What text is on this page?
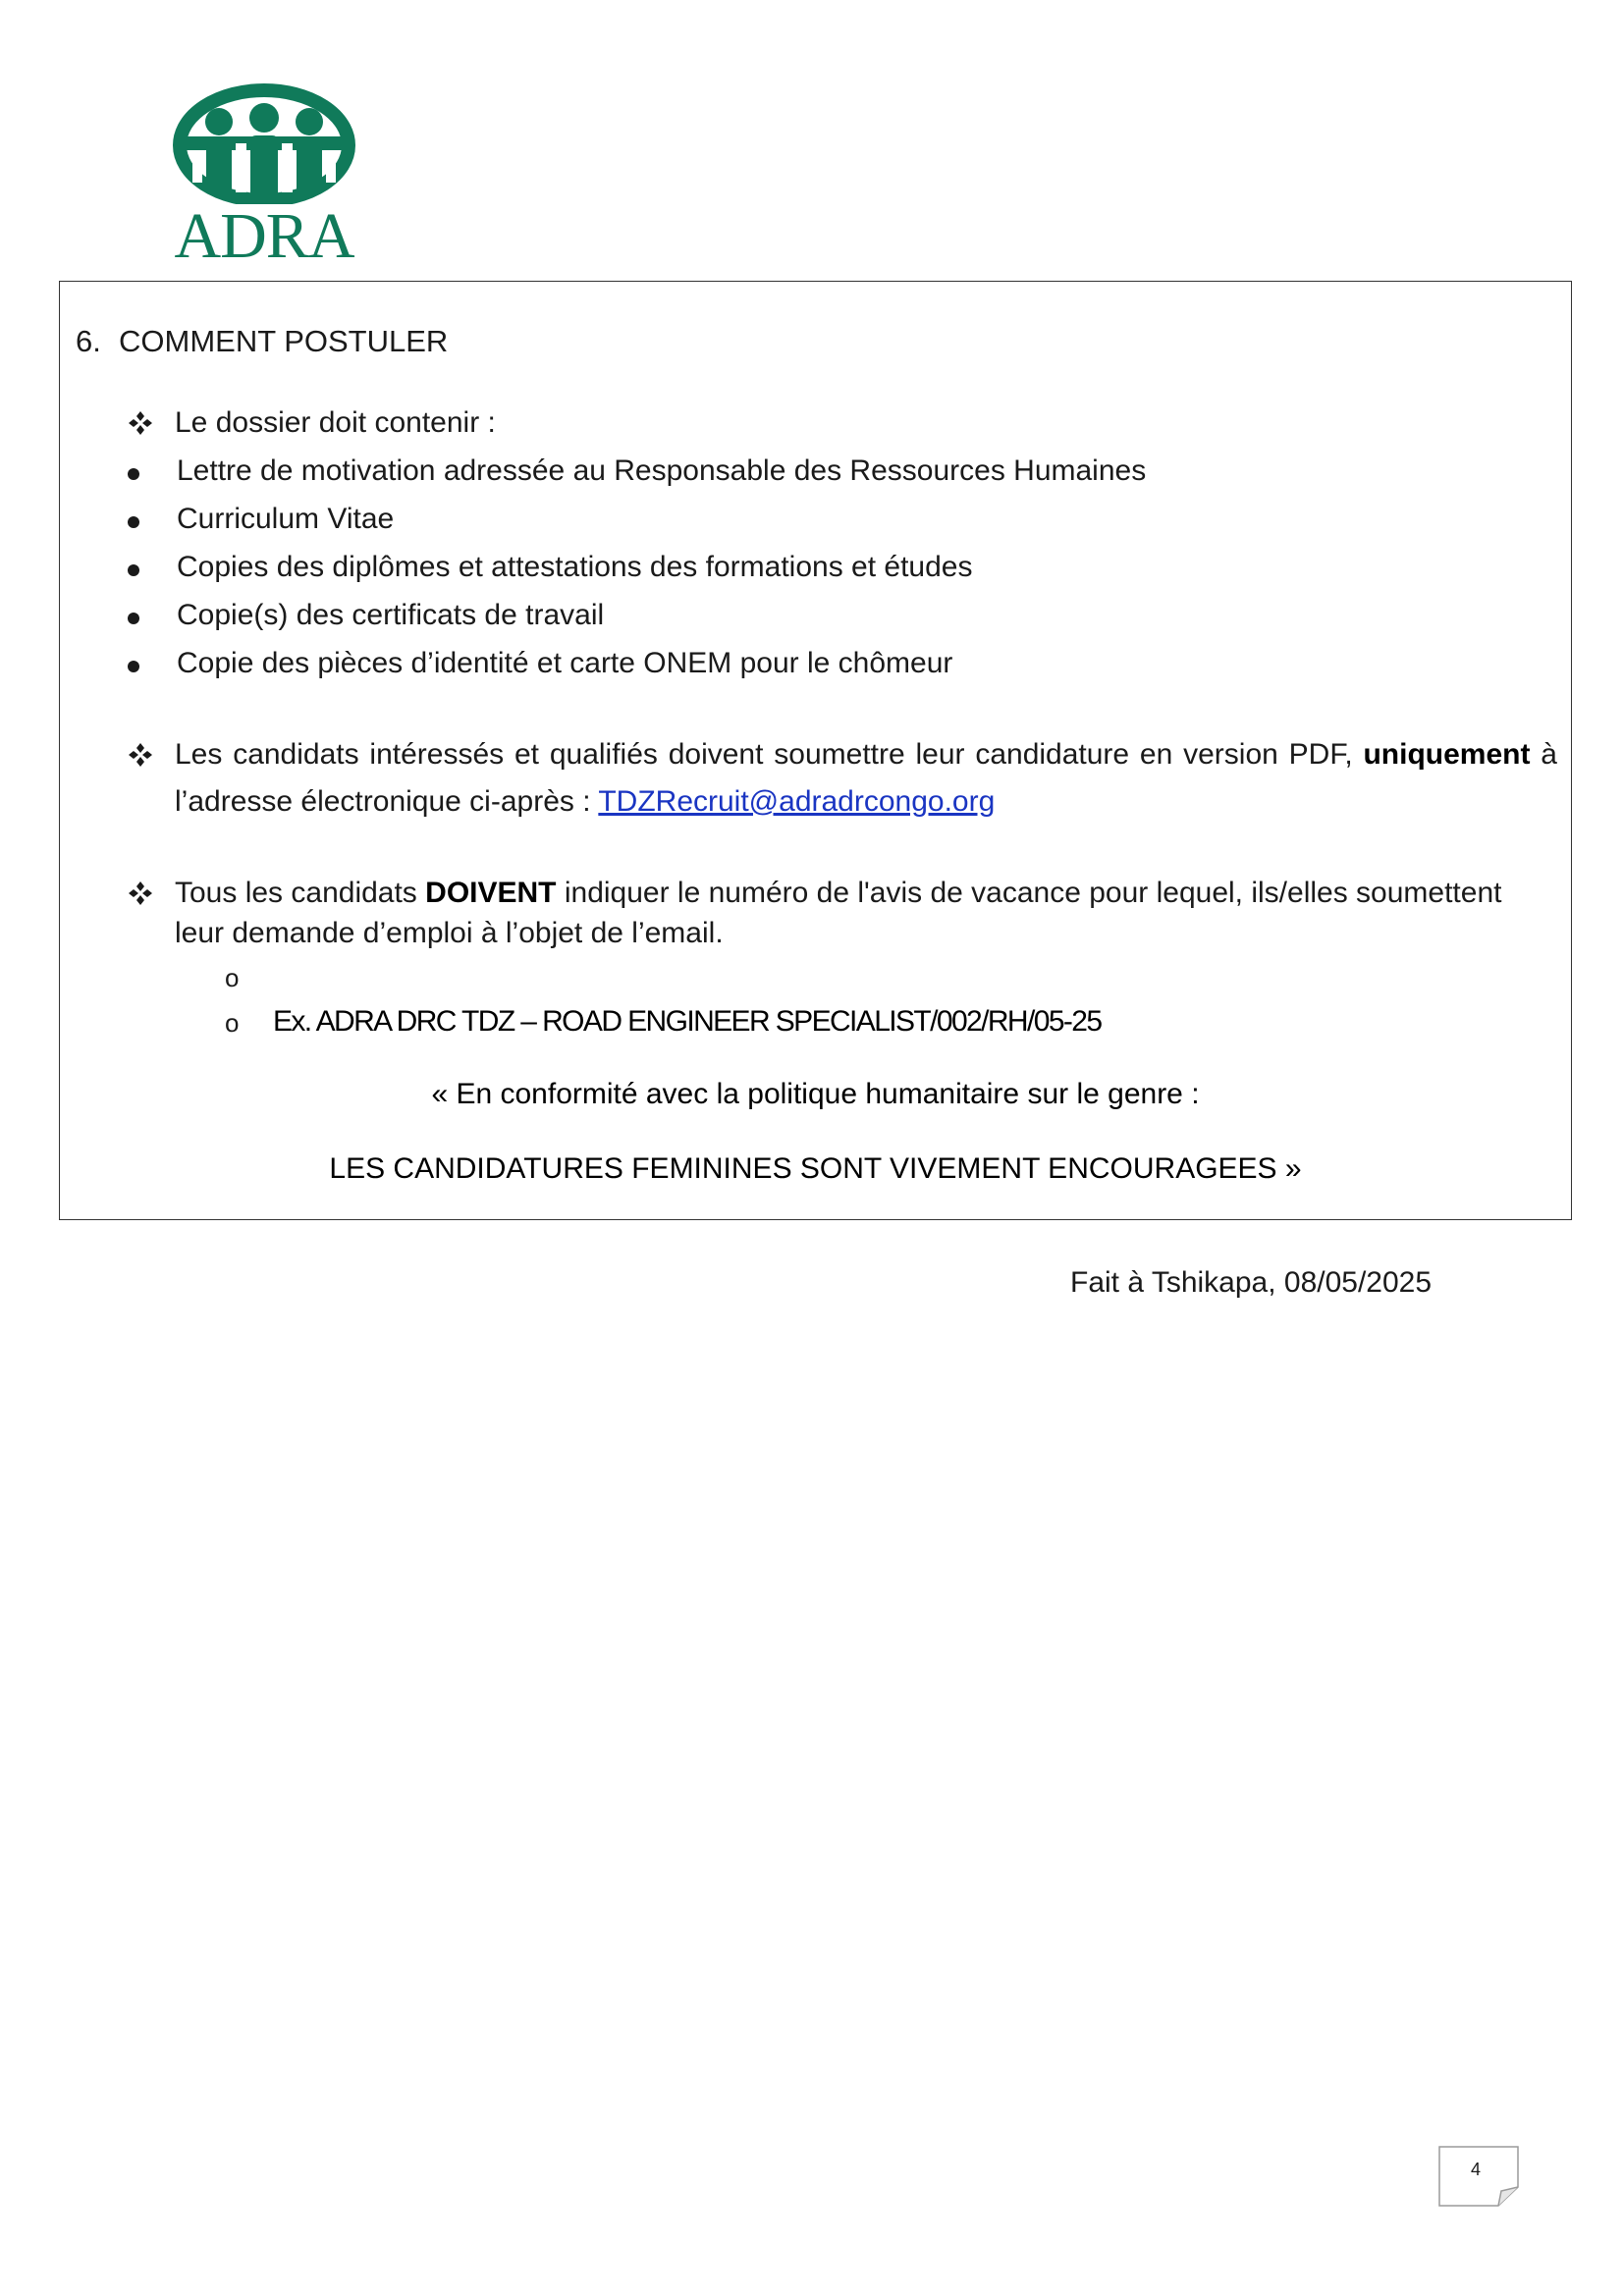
ADRA
6. COMMENT POSTULER
Le dossier doit contenir :
Lettre de motivation adressée au Responsable des Ressources Humaines
Curriculum Vitae
Copies des diplômes et attestations des formations et études
Copie(s) des certificats de travail
Copie des pièces d’identité et carte ONEM pour le chômeur
Les candidats intéressés et qualifiés doivent soumettre leur candidature en version PDF, uniquement à l’adresse électronique ci-après : TDZRecruit@adradrcongo.org
Tous les candidats DOIVENT indiquer le numéro de l'avis de vacance pour lequel, ils/elles soumettent
leur demande d’emploi à l’objet de l’email.
o
o Ex. ADRA DRC TDZ – ROAD ENGINEER SPECIALIST/002/RH/05-25
« En conformité avec la politique humanitaire sur le genre :
LES CANDIDATURES FEMININES SONT VIVEMENT ENCOURAGEES »
Fait à Tshikapa, 08/05/2025
4
